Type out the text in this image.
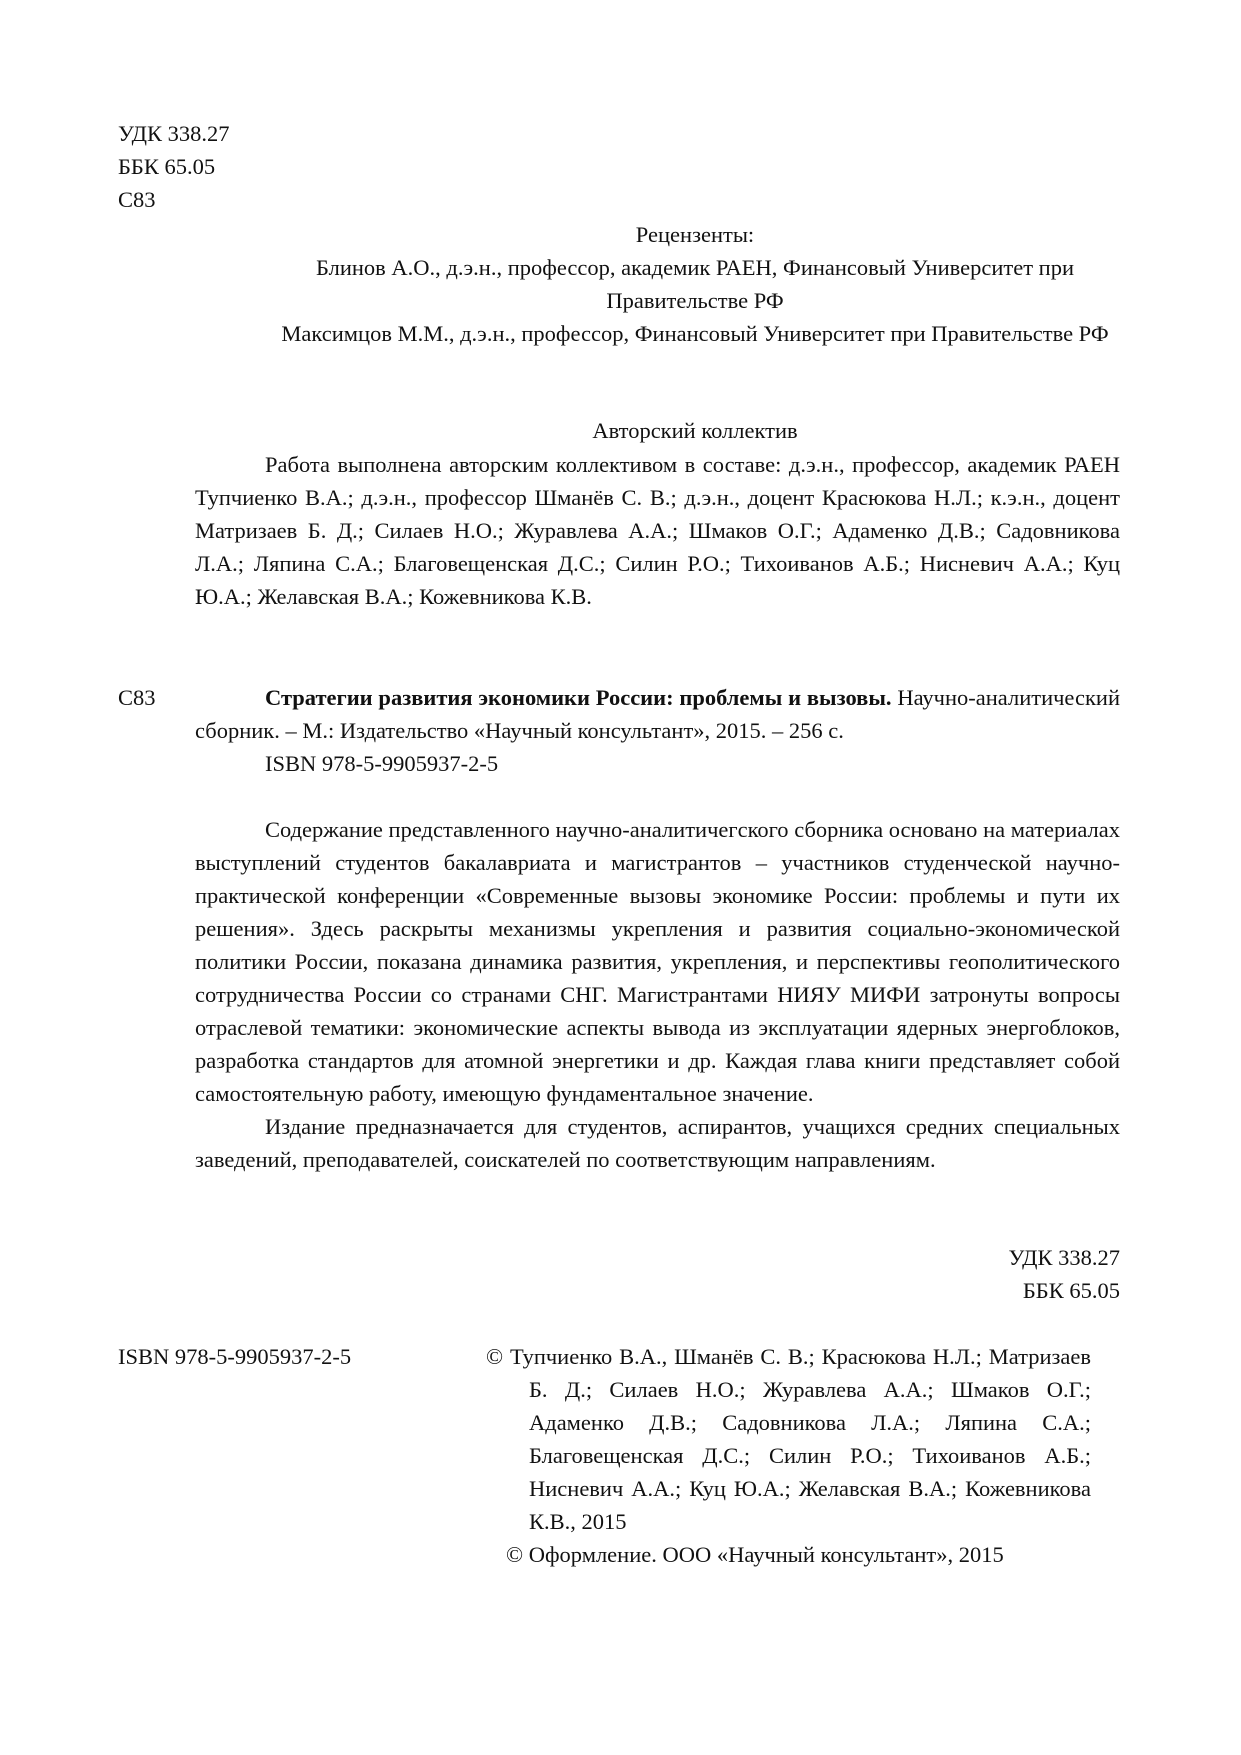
УДК 338.27
ББК 65.05
С83
Рецензенты:
Блинов А.О., д.э.н., профессор, академик РАЕН, Финансовый Университет при Правительстве РФ
Максимцов М.М., д.э.н., профессор, Финансовый Университет при Правительстве РФ
Авторский коллектив
Работа выполнена авторским коллективом в составе: д.э.н., профессор, академик РАЕН Тупчиенко В.А.; д.э.н., профессор Шманёв С. В.; д.э.н., доцент Красюкова Н.Л.; к.э.н., доцент Матризаев Б. Д.; Силаев Н.О.; Журавлева А.А.; Шмаков О.Г.; Адаменко Д.В.; Садовникова Л.А.; Ляпина С.А.; Благовещенская Д.С.; Силин Р.О.; Тихоиванов А.Б.; Нисневич А.А.; Куц Ю.А.; Желавская В.А.; Кожевникова К.В.
С83	Стратегии развития экономики России: проблемы и вызовы. Научно-аналитический сборник. – М.: Издательство «Научный консультант», 2015. – 256 с.
ISBN 978-5-9905937-2-5

Содержание представленного научно-аналитичегского сборника основано на материалах выступлений студентов бакалавриата и магистрантов – участников студенческой научно-практической конференции «Современные вызовы экономике России: проблемы и пути их решения». Здесь раскрыты механизмы укрепления и развития социально-экономической политики России, показана динамика развития, укрепления, и перспективы геополитического сотрудничества России со странами СНГ. Магистрантами НИЯУ МИФИ затронуты вопросы отраслевой тематики: экономические аспекты вывода из эксплуатации ядерных энергоблоков, разработка стандартов для атомной энергетики и др. Каждая глава книги представляет собой самостоятельную работу, имеющую фундаментальное значение.

Издание предназначается для студентов, аспирантов, учащихся средних специальных заведений, преподавателей, соискателей по соответствующим направлениям.

УДК 338.27
ББК 65.05
ISBN 978-5-9905937-2-5	© Тупчиенко В.А., Шманёв С. В.; Красюкова Н.Л.; Матризаев Б. Д.; Силаев Н.О.; Журавлева А.А.; Шмаков О.Г.; Адаменко Д.В.; Садовникова Л.А.; Ляпина С.А.; Благовещенская Д.С.; Силин Р.О.; Тихоиванов А.Б.; Нисневич А.А.; Куц Ю.А.; Желавская В.А.; Кожевникова К.В., 2015
© Оформление. ООО «Научный консультант», 2015
